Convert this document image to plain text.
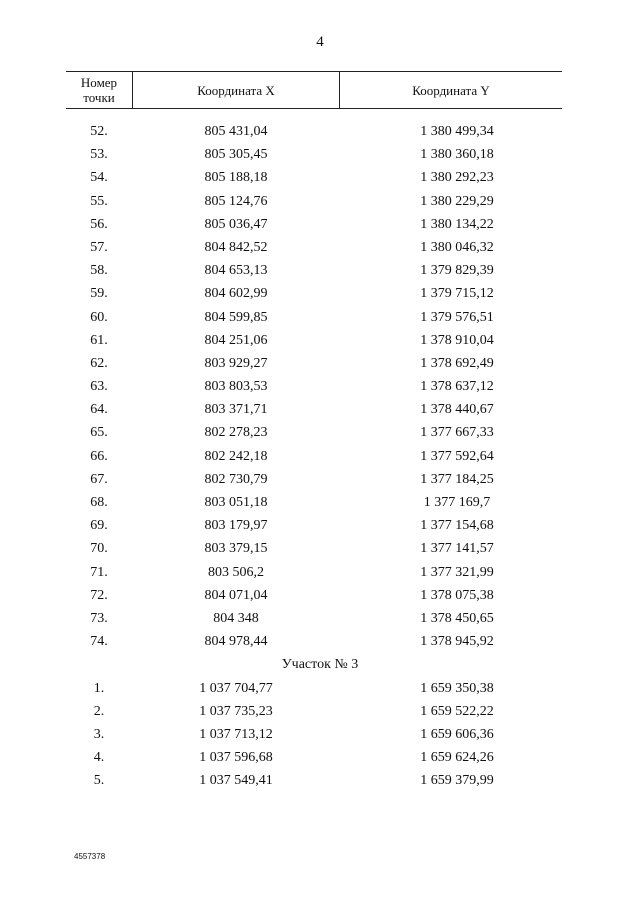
4
Номер
точки	Координата X	Координата Y
52.	805 431,04	1 380 499,34
53.	805 305,45	1 380 360,18
54.	805 188,18	1 380 292,23
55.	805 124,76	1 380 229,29
56.	805 036,47	1 380 134,22
57.	804 842,52	1 380 046,32
58.	804 653,13	1 379 829,39
59.	804 602,99	1 379 715,12
60.	804 599,85	1 379 576,51
61.	804 251,06	1 378 910,04
62.	803 929,27	1 378 692,49
63.	803 803,53	1 378 637,12
64.	803 371,71	1 378 440,67
65.	802 278,23	1 377 667,33
66.	802 242,18	1 377 592,64
67.	802 730,79	1 377 184,25
68.	803 051,18	1 377 169,7
69.	803 179,97	1 377 154,68
70.	803 379,15	1 377 141,57
71.	803 506,2	1 377 321,99
72.	804 071,04	1 378 075,38
73.	804 348	1 378 450,65
74.	804 978,44	1 378 945,92
Участок № 3
1.	1 037 704,77	1 659 350,38
2.	1 037 735,23	1 659 522,22
3.	1 037 713,12	1 659 606,36
4.	1 037 596,68	1 659 624,26
5.	1 037 549,41	1 659 379,99
4557378
